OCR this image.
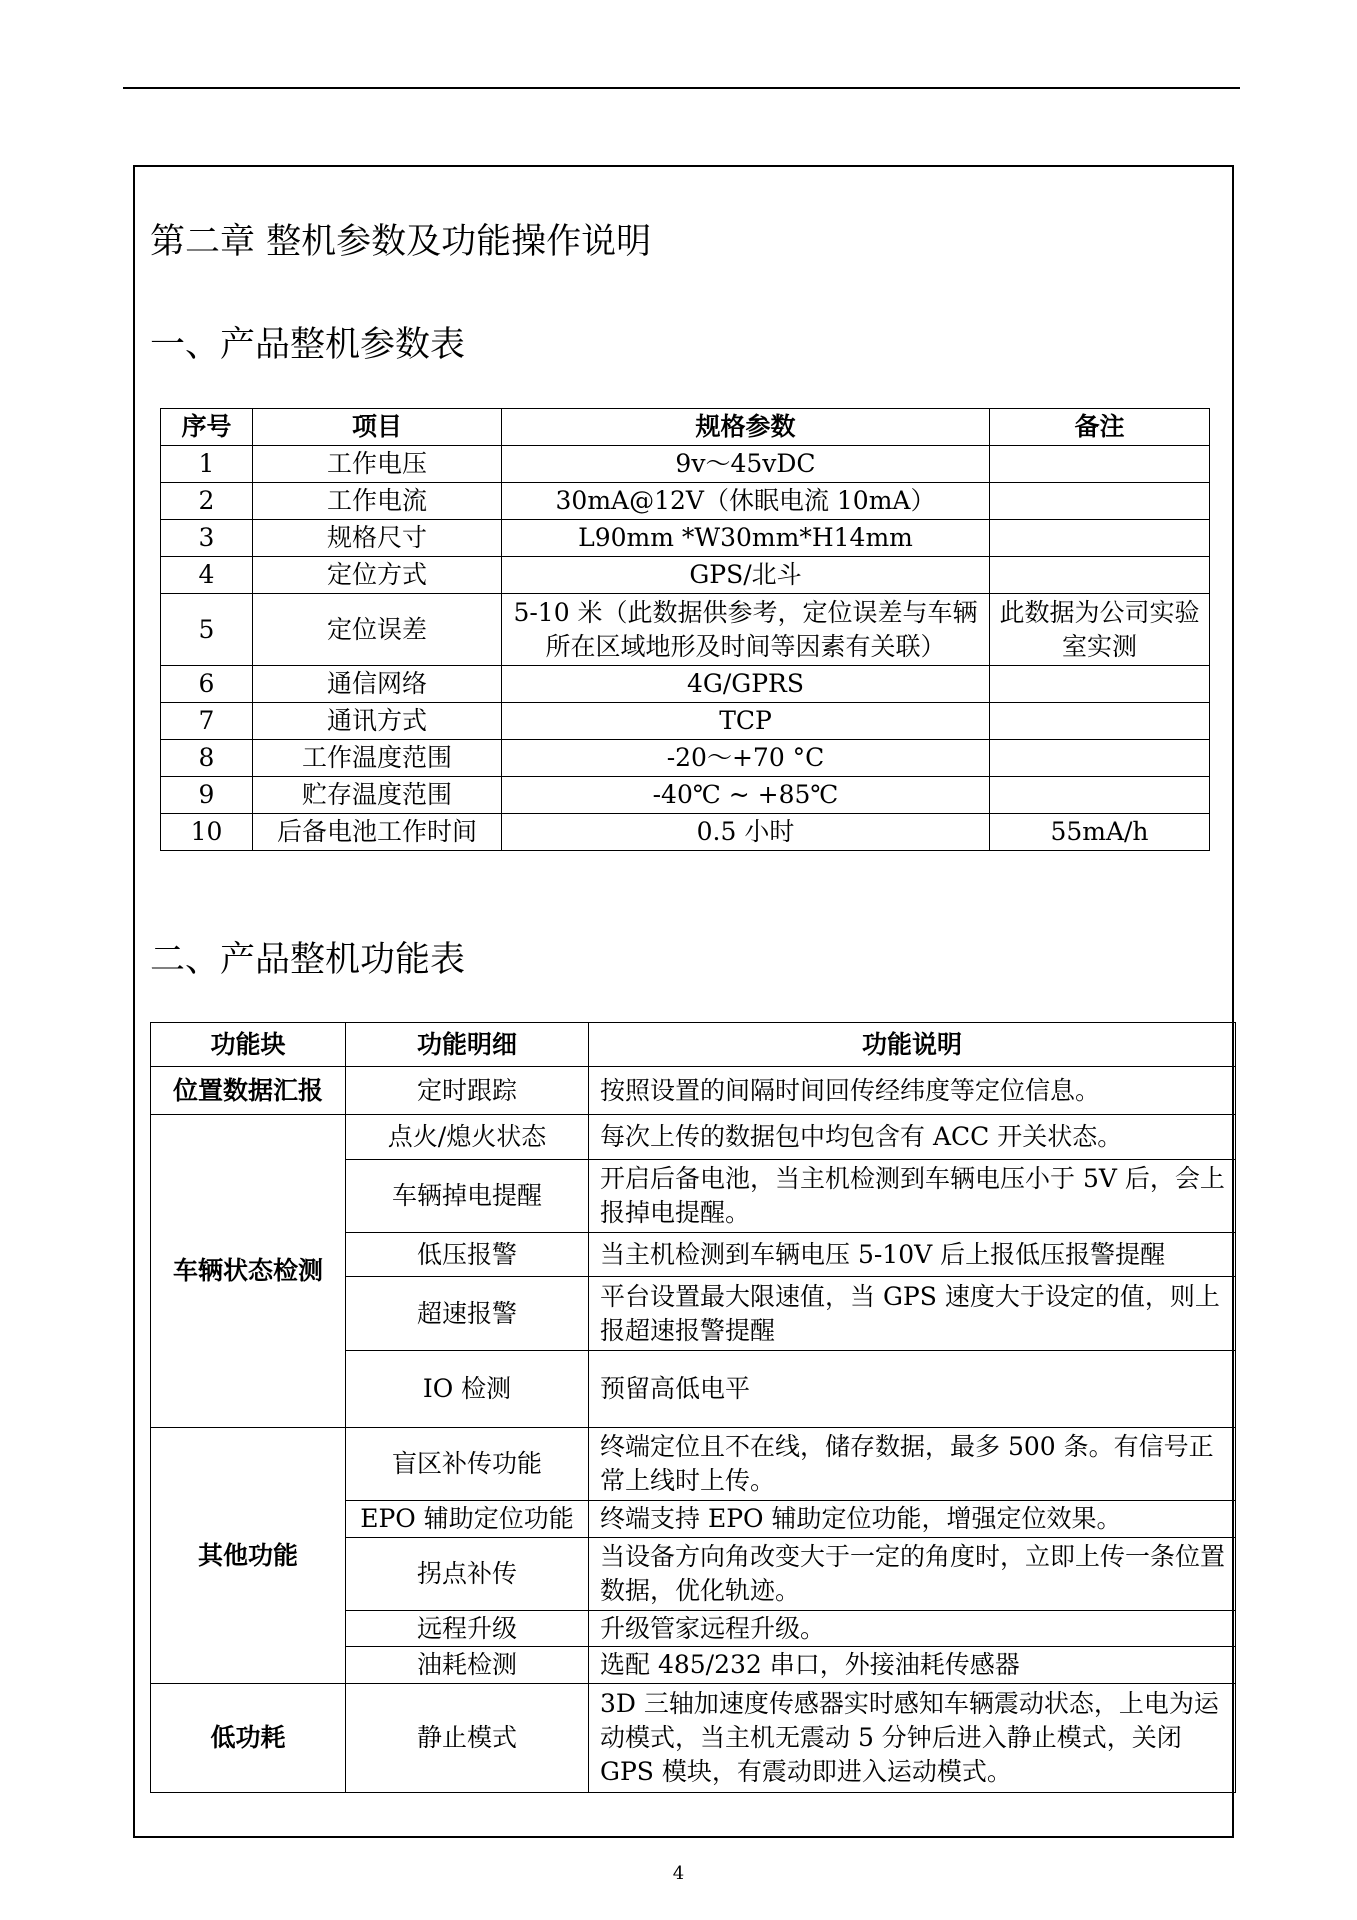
第二章 整机参数及功能操作说明
一、产品整机参数表
序号	项目	规格参数	备注
1	工作电压	9v～45vDC	
2	工作电流	30mA@12V（休眠电流 10mA）	
3	规格尺寸	L90mm *W30mm*H14mm	
4	定位方式	GPS/北斗	
5	定位误差	5-10 米（此数据供参考，定位误差与车辆所在区域地形及时间等因素有关联）	此数据为公司实验室实测
6	通信网络	4G/GPRS	
7	通讯方式	TCP	
8	工作温度范围	-20～+70 °C	
9	贮存温度范围	-40℃ ~ +85℃	
10	后备电池工作时间	0.5 小时	55mA/h
二、产品整机功能表
功能块	功能明细	功能说明
位置数据汇报	定时跟踪	按照设置的间隔时间回传经纬度等定位信息。
车辆状态检测	点火/熄火状态	每次上传的数据包中均包含有 ACC 开关状态。
	车辆掉电提醒	开启后备电池，当主机检测到车辆电压小于 5V 后，会上报掉电提醒。
	低压报警	当主机检测到车辆电压 5-10V 后上报低压报警提醒
	超速报警	平台设置最大限速值，当 GPS 速度大于设定的值，则上报超速报警提醒
	IO 检测	预留高低电平
其他功能	盲区补传功能	终端定位且不在线，储存数据，最多 500 条。有信号正常上线时上传。
	EPO 辅助定位功能	终端支持 EPO 辅助定位功能，增强定位效果。
	拐点补传	当设备方向角改变大于一定的角度时，立即上传一条位置数据，优化轨迹。
	远程升级	升级管家远程升级。
	油耗检测	选配 485/232 串口，外接油耗传感器
低功耗	静止模式	3D 三轴加速度传感器实时感知车辆震动状态，上电为运动模式，当主机无震动 5 分钟后进入静止模式，关闭 GPS 模块，有震动即进入运动模式。
4
